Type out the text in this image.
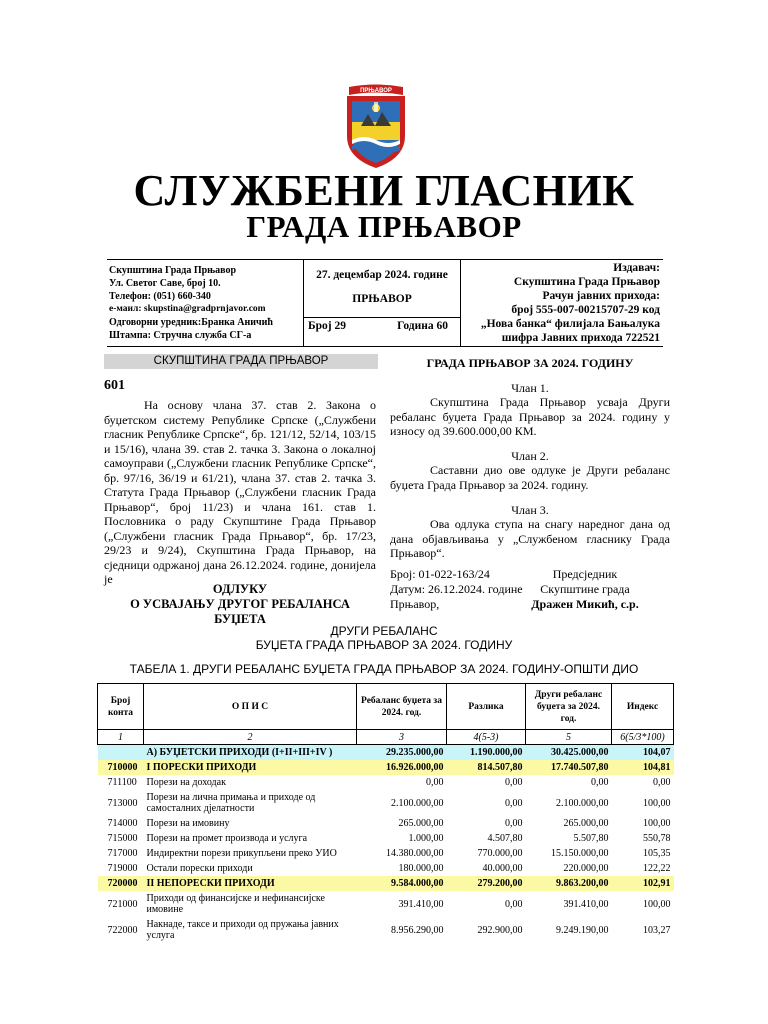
ПРЊАВОР
СЛУЖБЕНИ ГЛАСНИК
ГРАДА ПРЊАВОР
Скупштина Града Прњавор
Ул. Светог Саве, број 10.
Телефон: (051) 660-340
е-маил: skupstina@gradprnjavor.com
Одговорни уредник:Бранка Аничић
Штампа: Стручна служба СГ-а
27. децембар 2024. године
ПРЊАВОР
Број 29	Година 60
Издавач:
Скупштина Града Прњавор
Рачун јавних прихода:
број 555-007-00215707-29 код
„Нова банка“ филијала Бањалука
шифра Јавних прихода 722521
СКУПШТИНА ГРАДА ПРЊАВОР
601
На основу члана 37. став 2. Закона о буџетском систему Републике Српске („Службени гласник Републике Српске“, бр. 121/12, 52/14, 103/15 и 15/16), члана 39. став 2. тачка 3. Закона о локалној самоуправи („Службени гласник Републике Српске“, бр. 97/16, 36/19 и 61/21), члана 37. став 2. тачка 3. Статута Града Прњавор („Службени гласник Града Прњавор“, број 11/23) и члана 161. став 1. Пословника о раду Скупштине Града Прњавор („Службени гласник Града Прњавор“, бр. 17/23, 29/23 и 9/24), Скупштина Града Прњавор, на сједници одржаној дана 26.12.2024. године, донијела је
ОДЛУКУ
О УСВАЈАЊУ ДРУГОГ РЕБАЛАНСА БУЏЕТА
ГРАДА ПРЊАВОР ЗА 2024. ГОДИНУ
Члан 1.
Скупштина Града Прњавор усваја Други ребаланс буџета Града Прњавор за 2024. годину у износу од 39.600.000,00 КМ.
Члан 2.
Саставни дио ове одлуке је Други ребаланс буџета Града Прњавор за 2024. годину.
Члан 3.
Ова одлука ступа на снагу наредног дана од дана објављивања у „Службеном гласнику Града Прњавор“.
Број: 01-022-163/24
Датум: 26.12.2024. године
Прњавор,
Предсједник
Скупштине града
Дражен Микић, с.р.
ДРУГИ РЕБАЛАНС
БУЏЕТА ГРАДА ПРЊАВОР ЗА 2024. ГОДИНУ
ТАБЕЛА 1. ДРУГИ РЕБАЛАНС БУЏЕТА ГРАДА ПРЊАВОР ЗА 2024. ГОДИНУ-ОПШТИ ДИО
Број конта	О П И С	Ребаланс буџета за 2024. год.	Разлика	Други ребаланс буџета за 2024. год.	Индекс
1	2	3	4(5-3)	5	6(5/3*100)
	А) БУЏЕТСКИ ПРИХОДИ (I+II+III+IV )	29.235.000,00	1.190.000,00	30.425.000,00	104,07
710000	I ПОРЕСКИ ПРИХОДИ	16.926.000,00	814.507,80	17.740.507,80	104,81
711100	Порези на доходак	0,00	0,00	0,00	0,00
713000	Порези на лична примања и приходе од самосталних дјелатности	2.100.000,00	0,00	2.100.000,00	100,00
714000	Порези на имовину	265.000,00	0,00	265.000,00	100,00
715000	Порези на промет производа и услуга	1.000,00	4.507,80	5.507,80	550,78
717000	Индиректни порези прикупљени преко УИО	14.380.000,00	770.000,00	15.150.000,00	105,35
719000	Остали порески приходи	180.000,00	40.000,00	220.000,00	122,22
720000	II НЕПОРЕСКИ ПРИХОДИ	9.584.000,00	279.200,00	9.863.200,00	102,91
721000	Приходи од финансијске и нефинансијске имовине	391.410,00	0,00	391.410,00	100,00
722000	Накнаде, таксе и приходи од пружања јавних услуга	8.956.290,00	292.900,00	9.249.190,00	103,27
